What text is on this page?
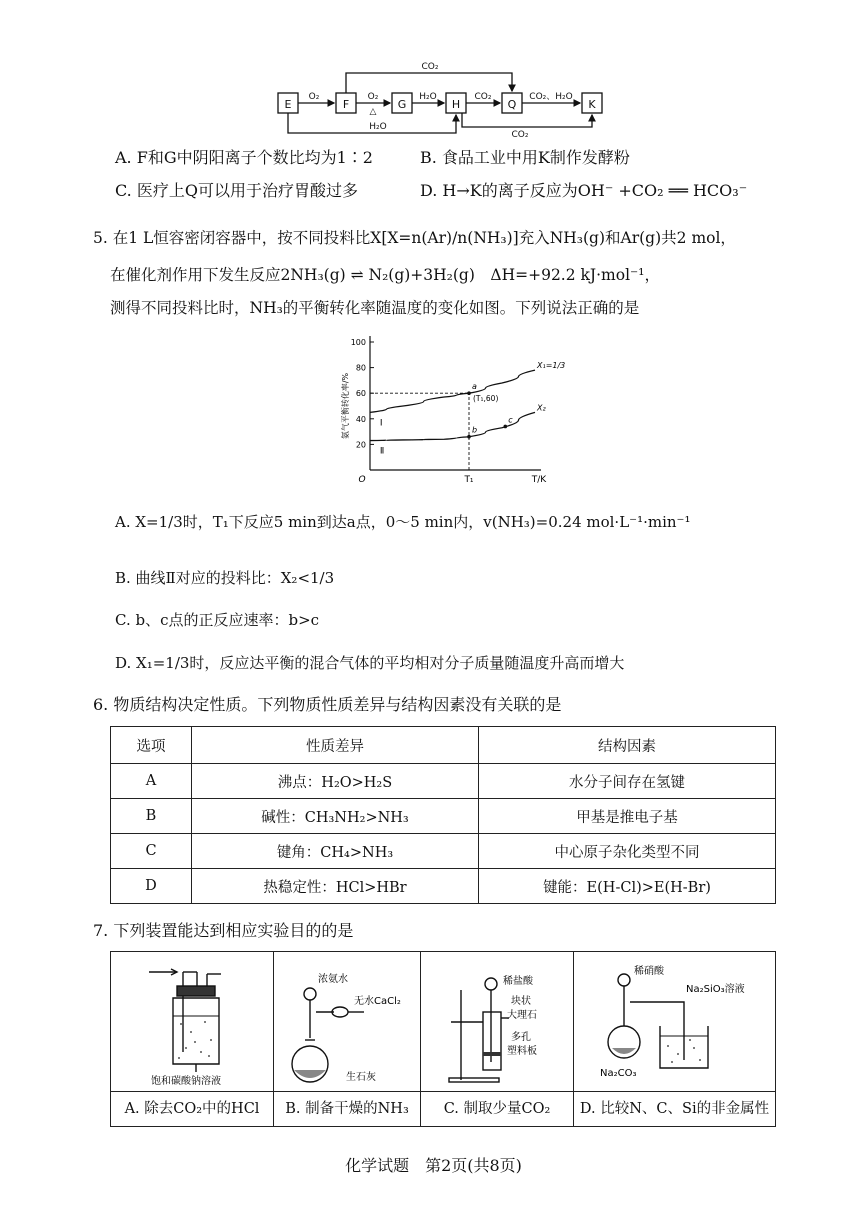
E	F	G	H	Q	K
O₂	O₂
△
H₂O	CO₂	CO₂、H₂O
CO₂
H₂O
CO₂
A. F和G中阴阳离子个数比均为1∶2	B. 食品工业中用K制作发酵粉
C. 医疗上Q可以用于治疗胃酸过多	D. H→K的离子反应为OH⁻ +CO₂ ══ HCO₃⁻
5. 在1 L恒容密闭容器中，按不同投料比X[X=n(Ar)/n(NH₃)]充入NH₃(g)和Ar(g)共2 mol，
在催化剂作用下发生反应2NH₃(g) ⇌ N₂(g)+3H₂(g)　ΔH=+92.2 kJ·mol⁻¹，
测得不同投料比时，NH₃的平衡转化率随温度的变化如图。下列说法正确的是
20
40
60
80
100
氨气平衡转化率/%
O	T/K
T₁
X₁=1/3
Ⅰ
X₂
Ⅱ
a
(T₁,60)
b
c
A. X=1/3时，T₁下反应5 min到达a点，0～5 min内，v(NH₃)=0.24 mol·L⁻¹·min⁻¹
B. 曲线Ⅱ对应的投料比：X₂<1/3
C. b、c点的正反应速率：b>c
D. X₁=1/3时，反应达平衡的混合气体的平均相对分子质量随温度升高而增大
6. 物质结构决定性质。下列物质性质差异与结构因素没有关联的是
选项	性质差异	结构因素
A	沸点：H₂O>H₂S	水分子间存在氢键
B	碱性：CH₃NH₂>NH₃	甲基是推电子基
C	键角：CH₄>NH₃	中心原子杂化类型不同
D	热稳定性：HCl>HBr	键能：E(H-Cl)>E(H-Br)
7. 下列装置能达到相应实验目的的是
饱和碳酸钠溶液
A. 除去CO₂中的HCl
浓氨水
无水CaCl₂
生石灰
B. 制备干燥的NH₃
稀盐酸
块状
大理石
多孔
塑料板
C. 制取少量CO₂
稀硝酸
Na₂SiO₃溶液
Na₂CO₃
D. 比较N、C、Si的非金属性
化学试题　第2页(共8页)
